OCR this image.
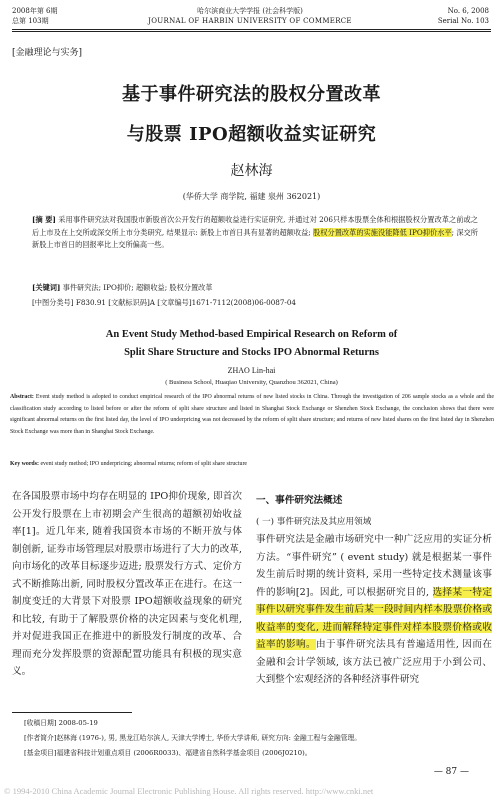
2008年第 6期
总第 103期
哈尔滨商业大学学报 (社会科学版)
JOURNAL OF HARBIN UNIVERSITY OF COMMERCE
No. 6, 2008
Serial No. 103
[金融理论与实务]
基于事件研究法的股权分置改革
与股票 IPO超额收益实证研究
赵林海
(华侨大学 商学院, 福建 泉州 362021)
[摘 要] 采用事件研究法对我国股市新股首次公开发行的超额收益进行实证研究, 并通过对 206只样本股票全体和根据股权分置改革之前或之后上市及在上交所或深交所上市分类研究, 结果显示: 新股上市首日具有显著的超额收益; 股权分置改革的实施没能降低 IPO抑价水平; 深交所新股上市首日的回报率比上交所偏高一些。
[关键词] 事件研究法; IPO抑价; 超额收益; 股权分置改革
[中图分类号] F830.91 [文献标识码]A [文章编号]1671-7112(2008)06-0087-04
An Event Study Method-based Empirical Research on Reform of
Split Share Structure and Stocks IPO Abnormal Returns
ZHAO Lin-hai
( Business School, Huaqiao University, Quanzhou 362021, China)
Abstract: Event study method is adopted to conduct empirical research of the IPO abnormal returns of new listed stocks in China. Through the investigation of 206 sample stocks as a whole and the classification study according to listed before or after the reform of split share structure and listed in Shanghai Stock Exchange or Shenzhen Stock Exchange, the conclusion shows that there were significant abnormal returns on the first listed day, the level of IPO underpricing was not decreased by the reform of split share structure; and returns of new listed shares on the first listed day in Shenzhen Stock Exchange was more than in Shanghai Stock Exchange.
Key words: event study method; IPO underpricing; abnormal returns; reform of split share structure

在各国股票市场中均存在明显的 IPO抑价现象, 即首次公开发行股票在上市初期会产生很高的超额初始收益率[1]。近几年来, 随着我国资本市场的不断开放与体制创新, 证券市场管理层对股票市场进行了大力的改革, 向市场化的改革目标逐步迈进; 股票发行方式、定价方式不断推陈出新, 同时股权分置改革正在进行。在这一制度变迁的大背景下对股票 IPO超额收益现象的研究和比较, 有助于了解股票价格的决定因素与变化机理, 并对促进我国正在推进中的新股发行制度的改革、合理而充分发挥股票的资源配置功能具有积极的现实意义。

一、事件研究法概述

( 一) 事件研究法及其应用领域

事件研究法是金融市场研究中一种广泛应用的实证分析方法。“事件研究” ( event study) 就是根据某一事件发生前后时期的统计资料, 采用一些特定技术测量该事件的影响[2]。因此, 可以根据研究目的, 选择某一特定事件以研究事件发生前后某一段时间内样本股票价格或收益率的变化, 进而解释特定事件对样本股票价格或收益率的影响。由于事件研究法具有普遍适用性, 因而在金融和会计学领域, 该方法已被广泛应用于小到公司、大到整个宏观经济的各种经济事件研究

[收稿日期] 2008-05-19
[作者简介]赵林海 (1976-), 男, 黑龙江哈尔滨人, 天津大学博士, 华侨大学讲师, 研究方向: 金融工程与金融管理。
[基金项目]福建省科技计划重点项目 (2006R0033)、福建省自然科学基金项目 (2006J0210)。
— 87 —
© 1994-2010 China Academic Journal Electronic Publishing House. All rights reserved. http://www.cnki.net
